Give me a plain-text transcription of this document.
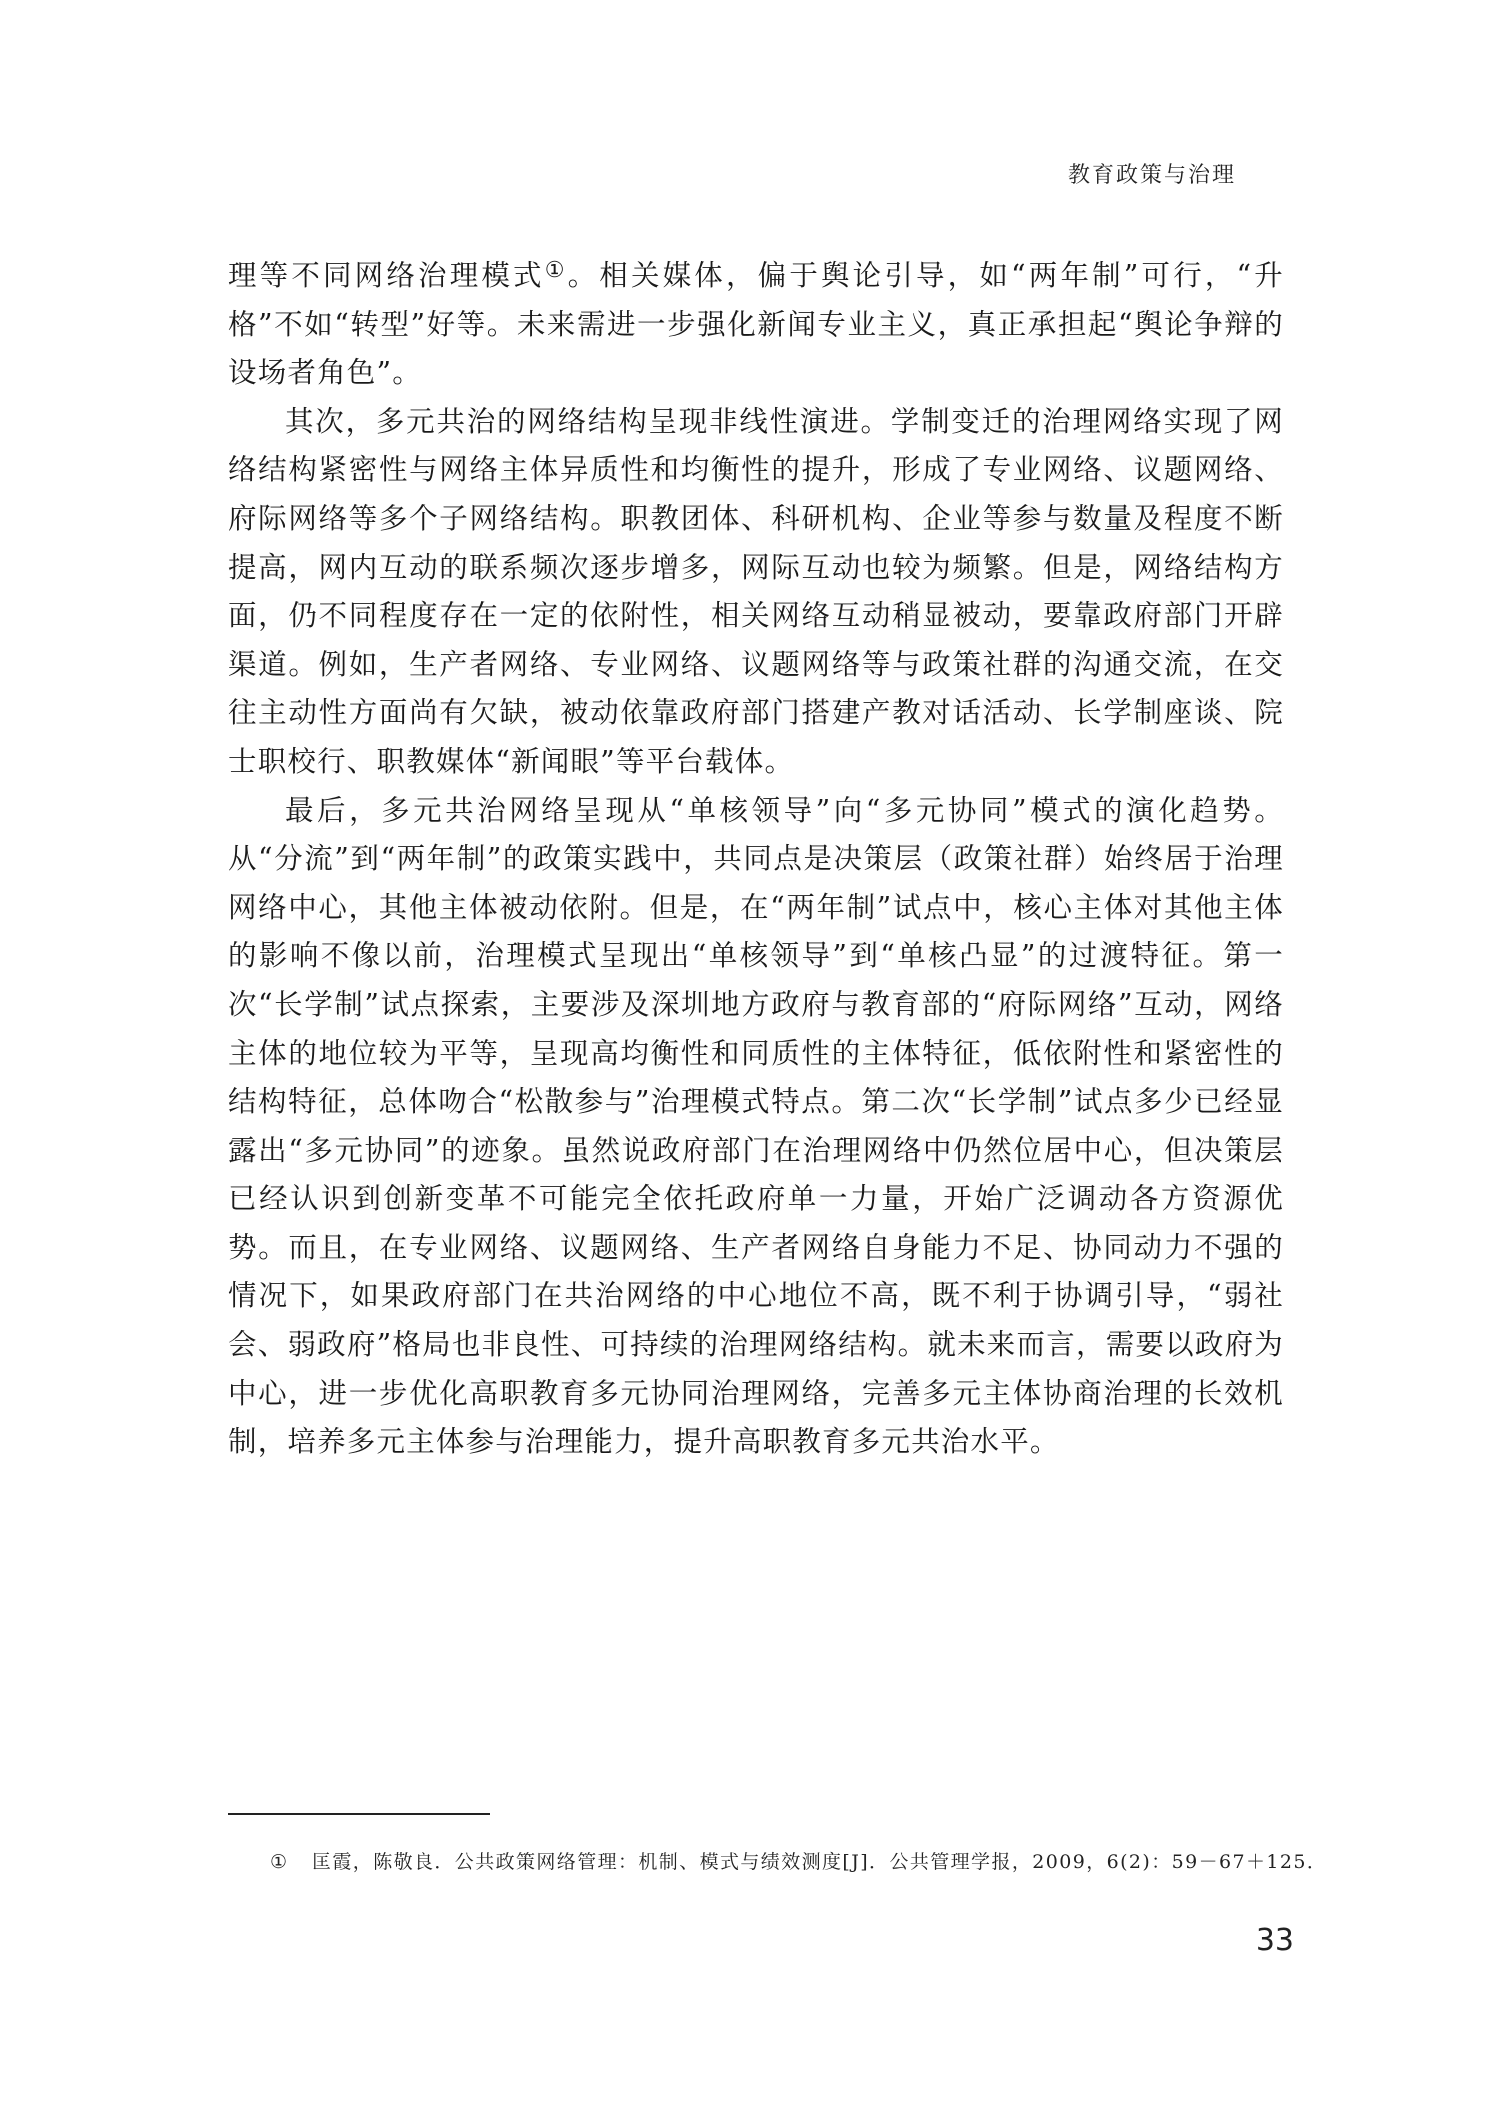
教育政策与治理

理等不同网络治理模式①。相关媒体，偏于舆论引导，如“两年制”可行，“升格”不如“转型”好等。未来需进一步强化新闻专业主义，真正承担起“舆论争辩的设场者角色”。

其次，多元共治的网络结构呈现非线性演进。学制变迁的治理网络实现了网络结构紧密性与网络主体异质性和均衡性的提升，形成了专业网络、议题网络、府际网络等多个子网络结构。职教团体、科研机构、企业等参与数量及程度不断提高，网内互动的联系频次逐步增多，网际互动也较为频繁。但是，网络结构方面，仍不同程度存在一定的依附性，相关网络互动稍显被动，要靠政府部门开辟渠道。例如，生产者网络、专业网络、议题网络等与政策社群的沟通交流，在交往主动性方面尚有欠缺，被动依靠政府部门搭建产教对话活动、长学制座谈、院士职校行、职教媒体“新闻眼”等平台载体。

最后，多元共治网络呈现从“单核领导”向“多元协同”模式的演化趋势。从“分流”到“两年制”的政策实践中，共同点是决策层（政策社群）始终居于治理网络中心，其他主体被动依附。但是，在“两年制”试点中，核心主体对其他主体的影响不像以前，治理模式呈现出“单核领导”到“单核凸显”的过渡特征。第一次“长学制”试点探索，主要涉及深圳地方政府与教育部的“府际网络”互动，网络主体的地位较为平等，呈现高均衡性和同质性的主体特征，低依附性和紧密性的结构特征，总体吻合“松散参与”治理模式特点。第二次“长学制”试点多少已经显露出“多元协同”的迹象。虽然说政府部门在治理网络中仍然位居中心，但决策层已经认识到创新变革不可能完全依托政府单一力量，开始广泛调动各方资源优势。而且，在专业网络、议题网络、生产者网络自身能力不足、协同动力不强的情况下，如果政府部门在共治网络的中心地位不高，既不利于协调引导，“弱社会、弱政府”格局也非良性、可持续的治理网络结构。就未来而言，需要以政府为中心，进一步优化高职教育多元协同治理网络，完善多元主体协商治理的长效机制，培养多元主体参与治理能力，提升高职教育多元共治水平。

① 匡霞，陈敬良．公共政策网络管理：机制、模式与绩效测度[J]．公共管理学报，2009，6(2)：59－67＋125．
33
